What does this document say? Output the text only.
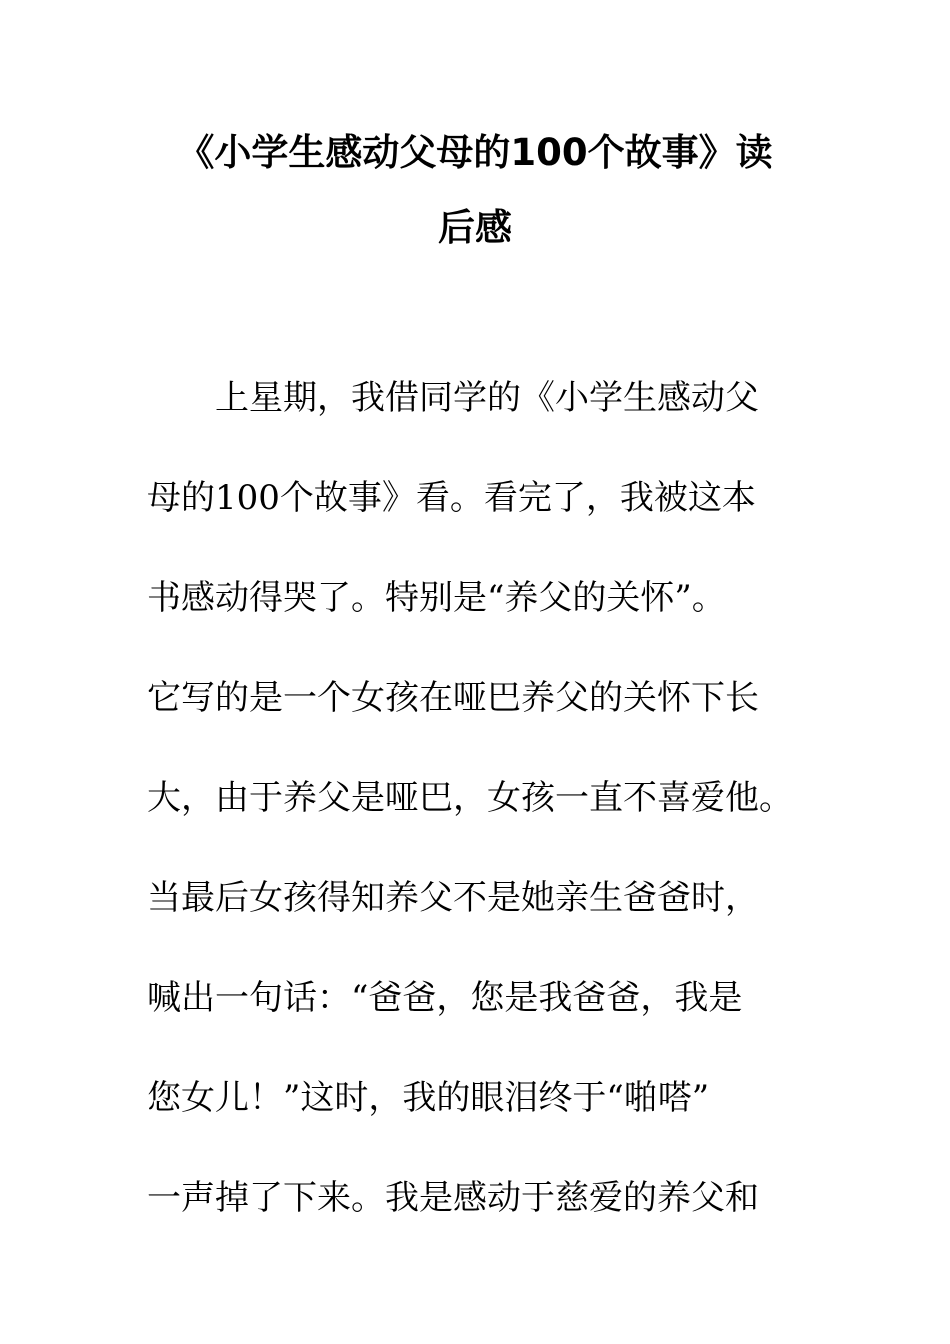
《小学生感动父母的100个故事》读
后感

上星期，我借同学的《小学生感动父

母的100个故事》看。看完了，我被这本

书感动得哭了。特别是“养父的关怀”。

它写的是一个女孩在哑巴养父的关怀下长

大，由于养父是哑巴，女孩一直不喜爱他。

当最后女孩得知养父不是她亲生爸爸时，

喊出一句话：“爸爸，您是我爸爸，我是

您女儿！”这时，我的眼泪终于“啪嗒”

一声掉了下来。我是感动于慈爱的养父和
